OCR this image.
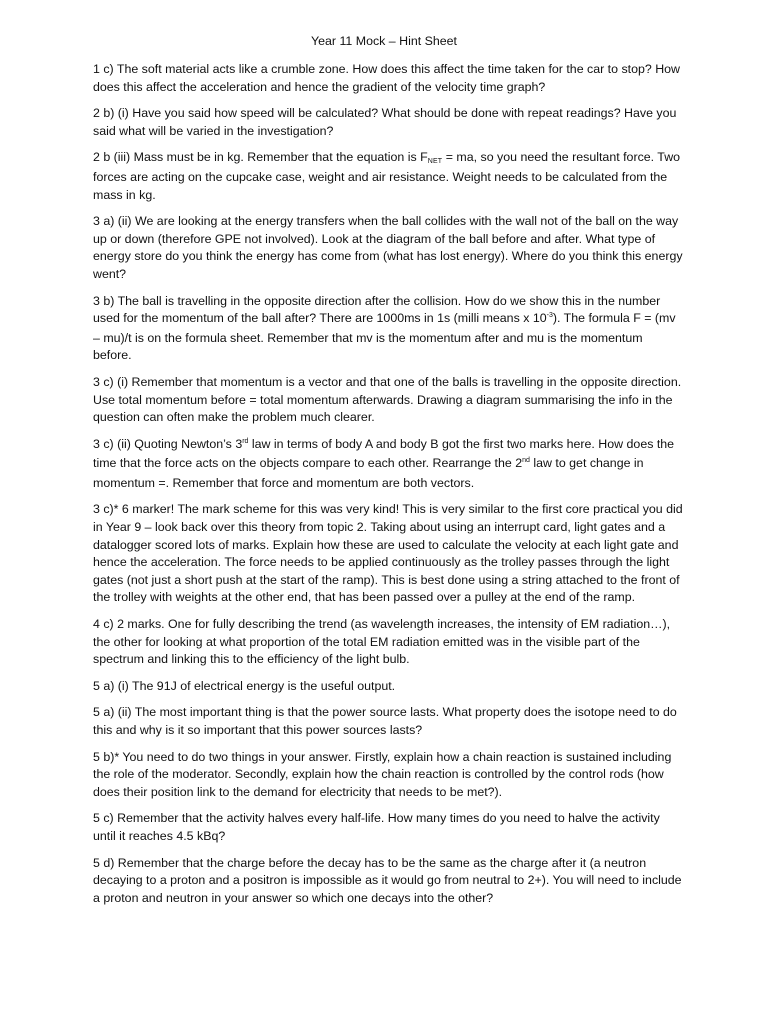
Year 11 Mock – Hint Sheet

1 c) The soft material acts like a crumble zone. How does this affect the time taken for the car to stop? How does this affect the acceleration and hence the gradient of the velocity time graph?

2 b) (i) Have you said how speed will be calculated? What should be done with repeat readings? Have you said what will be varied in the investigation?

2 b (iii) Mass must be in kg. Remember that the equation is FNET = ma, so you need the resultant force. Two forces are acting on the cupcake case, weight and air resistance. Weight needs to be calculated from the mass in kg.

3 a) (ii) We are looking at the energy transfers when the ball collides with the wall not of the ball on the way up or down (therefore GPE not involved). Look at the diagram of the ball before and after. What type of energy store do you think the energy has come from (what has lost energy). Where do you think this energy went?

3 b) The ball is travelling in the opposite direction after the collision. How do we show this in the number used for the momentum of the ball after? There are 1000ms in 1s (milli means x $10^{-3}$). The formula F = (mv – mu)/t is on the formula sheet. Remember that mv is the momentum after and mu is the momentum before.

3 c) (i) Remember that momentum is a vector and that one of the balls is travelling in the opposite direction. Use total momentum before = total momentum afterwards. Drawing a diagram summarising the info in the question can often make the problem much clearer.

3 c) (ii) Quoting Newton’s 3rd law in terms of body A and body B got the first two marks here. How does the time that the force acts on the objects compare to each other. Rearrange the 2nd law to get change in momentum =. Remember that force and momentum are both vectors.

3 c)* 6 marker! The mark scheme for this was very kind! This is very similar to the first core practical you did in Year 9 – look back over this theory from topic 2. Taking about using an interrupt card, light gates and a datalogger scored lots of marks. Explain how these are used to calculate the velocity at each light gate and hence the acceleration. The force needs to be applied continuously as the trolley passes through the light gates (not just a short push at the start of the ramp). This is best done using a string attached to the front of the trolley with weights at the other end, that has been passed over a pulley at the end of the ramp.

4 c) 2 marks. One for fully describing the trend (as wavelength increases, the intensity of EM radiation…), the other for looking at what proportion of the total EM radiation emitted was in the visible part of the spectrum and linking this to the efficiency of the light bulb.

5 a) (i) The 91J of electrical energy is the useful output.

5 a) (ii) The most important thing is that the power source lasts. What property does the isotope need to do this and why is it so important that this power sources lasts?

5 b)* You need to do two things in your answer. Firstly, explain how a chain reaction is sustained including the role of the moderator. Secondly, explain how the chain reaction is controlled by the control rods (how does their position link to the demand for electricity that needs to be met?).

5 c) Remember that the activity halves every half-life. How many times do you need to halve the activity until it reaches 4.5 kBq?

5 d) Remember that the charge before the decay has to be the same as the charge after it (a neutron decaying to a proton and a positron is impossible as it would go from neutral to 2+). You will need to include a proton and neutron in your answer so which one decays into the other?
